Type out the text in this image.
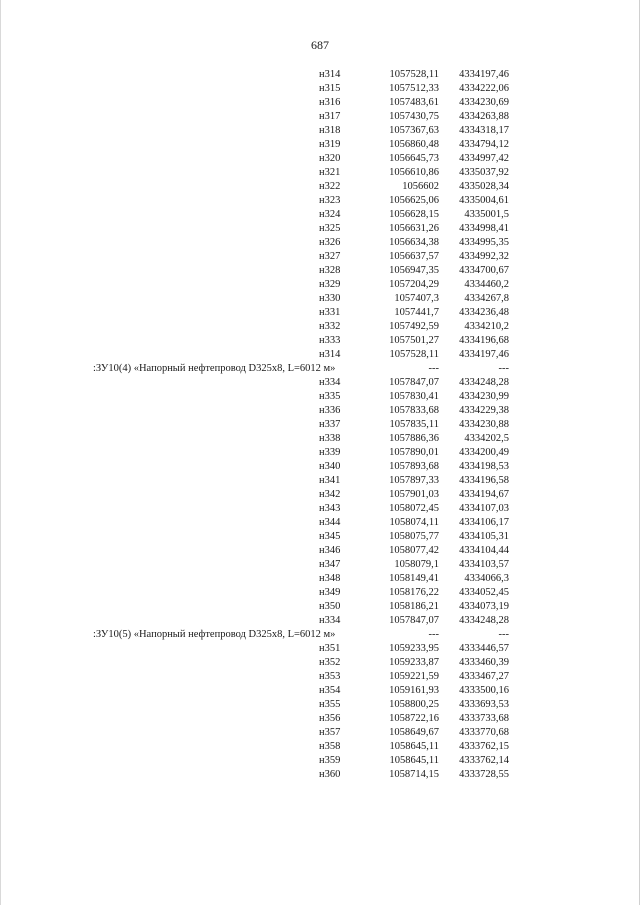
687
н314	1057528,11	4334197,46
н315	1057512,33	4334222,06
н316	1057483,61	4334230,69
н317	1057430,75	4334263,88
н318	1057367,63	4334318,17
н319	1056860,48	4334794,12
н320	1056645,73	4334997,42
н321	1056610,86	4335037,92
н322	1056602	4335028,34
н323	1056625,06	4335004,61
н324	1056628,15	4335001,5
н325	1056631,26	4334998,41
н326	1056634,38	4334995,35
н327	1056637,57	4334992,32
н328	1056947,35	4334700,67
н329	1057204,29	4334460,2
н330	1057407,3	4334267,8
н331	1057441,7	4334236,48
н332	1057492,59	4334210,2
н333	1057501,27	4334196,68
н314	1057528,11	4334197,46
:ЗУ10(4) «Напорный нефтепровод D325x8, L=6012 м»	---	---
н334	1057847,07	4334248,28
н335	1057830,41	4334230,99
н336	1057833,68	4334229,38
н337	1057835,11	4334230,88
н338	1057886,36	4334202,5
н339	1057890,01	4334200,49
н340	1057893,68	4334198,53
н341	1057897,33	4334196,58
н342	1057901,03	4334194,67
н343	1058072,45	4334107,03
н344	1058074,11	4334106,17
н345	1058075,77	4334105,31
н346	1058077,42	4334104,44
н347	1058079,1	4334103,57
н348	1058149,41	4334066,3
н349	1058176,22	4334052,45
н350	1058186,21	4334073,19
н334	1057847,07	4334248,28
:ЗУ10(5) «Напорный нефтепровод D325x8, L=6012 м»	---	---
н351	1059233,95	4333446,57
н352	1059233,87	4333460,39
н353	1059221,59	4333467,27
н354	1059161,93	4333500,16
н355	1058800,25	4333693,53
н356	1058722,16	4333733,68
н357	1058649,67	4333770,68
н358	1058645,11	4333762,15
н359	1058645,11	4333762,14
н360	1058714,15	4333728,55
